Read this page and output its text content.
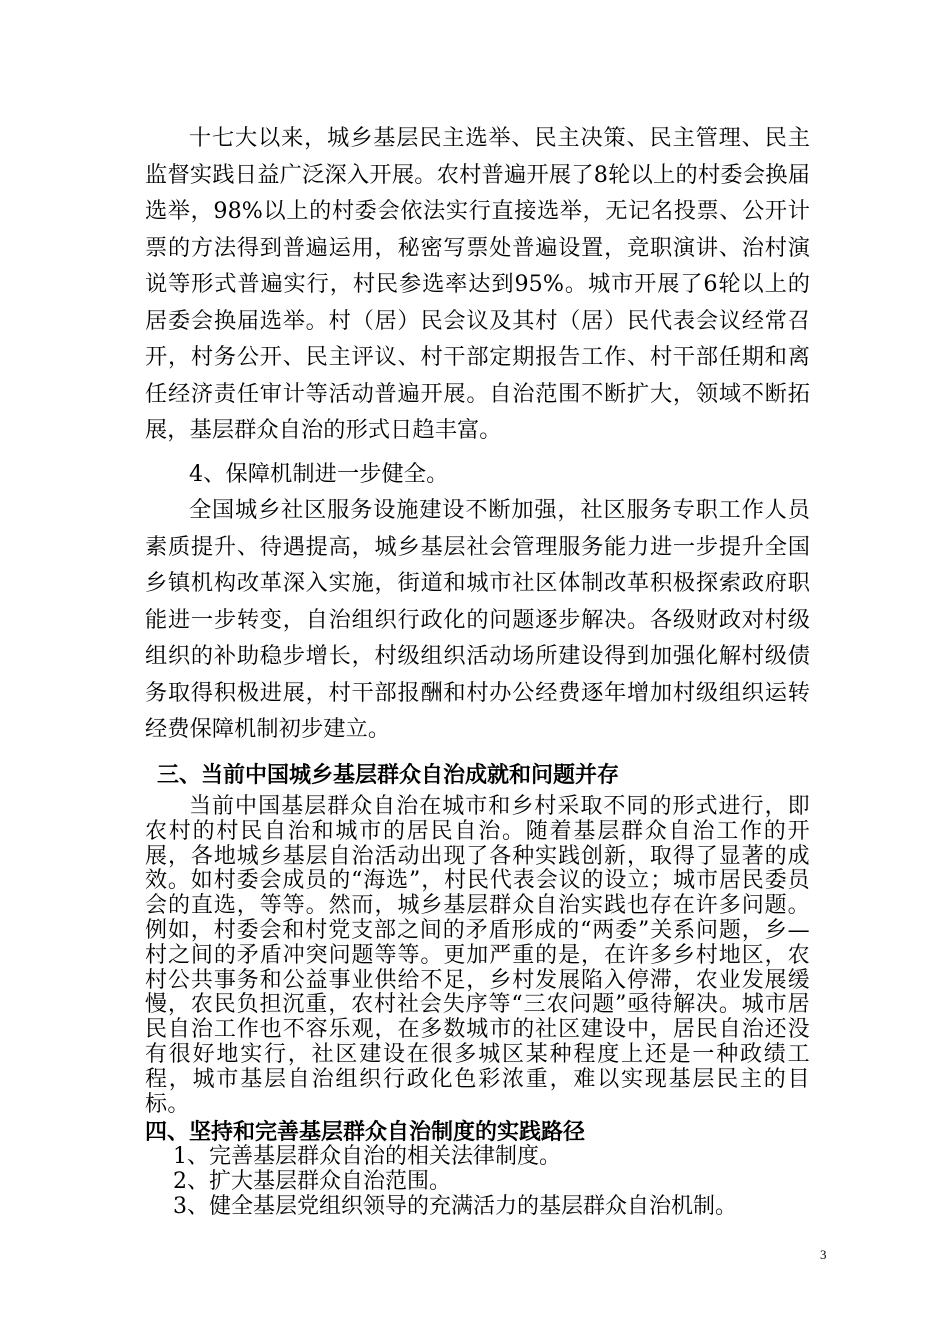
十七大以来，城乡基层民主选举、民主决策、民主管理、民主监督实践日益广泛深入开展。农村普遍开展了8轮以上的村委会换届选举，98%以上的村委会依法实行直接选举，无记名投票、公开计票的方法得到普遍运用，秘密写票处普遍设置，竞职演讲、治村演说等形式普遍实行，村民参选率达到95%。城市开展了6轮以上的居委会换届选举。村（居）民会议及其村（居）民代表会议经常召开，村务公开、民主评议、村干部定期报告工作、村干部任期和离任经济责任审计等活动普遍开展。自治范围不断扩大，领域不断拓展，基层群众自治的形式日趋丰富。

4、保障机制进一步健全。

全国城乡社区服务设施建设不断加强，社区服务专职工作人员素质提升、待遇提高，城乡基层社会管理服务能力进一步提升全国乡镇机构改革深入实施，街道和城市社区体制改革积极探索政府职能进一步转变，自治组织行政化的问题逐步解决。各级财政对村级组织的补助稳步增长，村级组织活动场所建设得到加强化解村级债务取得积极进展，村干部报酬和村办公经费逐年增加村级组织运转经费保障机制初步建立。

三、当前中国城乡基层群众自治成就和问题并存

当前中国基层群众自治在城市和乡村采取不同的形式进行，即农村的村民自治和城市的居民自治。随着基层群众自治工作的开展，各地城乡基层自治活动出现了各种实践创新，取得了显著的成效。如村委会成员的“海选”，村民代表会议的设立；城市居民委员会的直选，等等。然而，城乡基层群众自治实践也存在许多问题。例如，村委会和村党支部之间的矛盾形成的“两委”关系问题，乡—村之间的矛盾冲突问题等等。更加严重的是，在许多乡村地区，农村公共事务和公益事业供给不足，乡村发展陷入停滞，农业发展缓慢，农民负担沉重，农村社会失序等“三农问题”亟待解决。城市居民自治工作也不容乐观，在多数城市的社区建设中，居民自治还没有很好地实行，社区建设在很多城区某种程度上还是一种政绩工程，城市基层自治组织行政化色彩浓重，难以实现基层民主的目标。

四、坚持和完善基层群众自治制度的实践路径
1、完善基层群众自治的相关法律制度。
2、扩大基层群众自治范围。
3、健全基层党组织领导的充满活力的基层群众自治机制。
3
